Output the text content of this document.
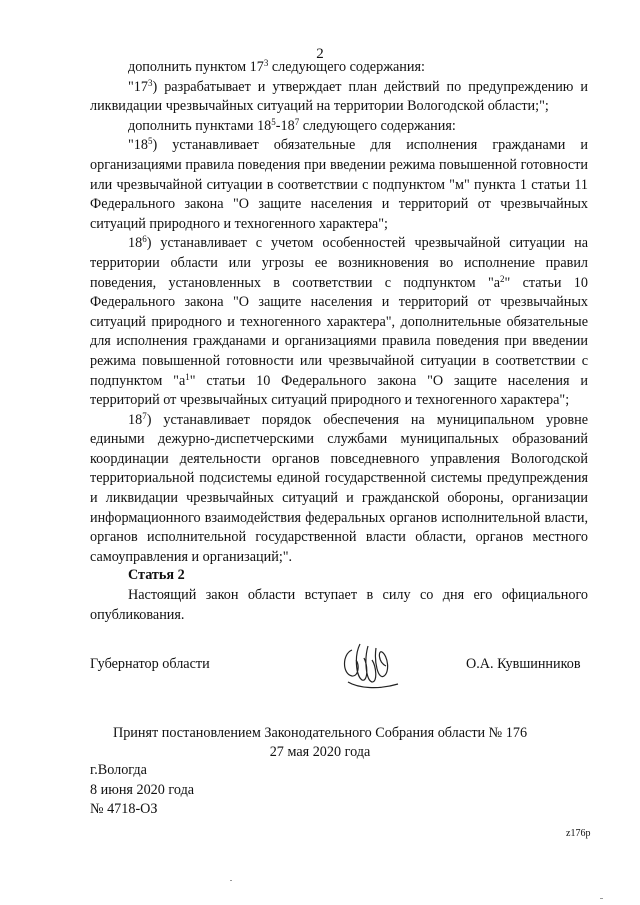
2

дополнить пунктом $17^3$ следующего содержания:

"$17^3$) разрабатывает и утверждает план действий по предупреждению и ликвидации чрезвычайных ситуаций на территории Вологодской области;";

дополнить пунктами $18^5-18^7$ следующего содержания:

"$18^5$) устанавливает обязательные для исполнения гражданами и организациями правила поведения при введении режима повышенной готовности или чрезвычайной ситуации в соответствии с подпунктом "м" пункта 1 статьи 11 Федерального закона "О защите населения и территорий от чрезвычайных ситуаций природного и техногенного характера";

$18^6$) устанавливает с учетом особенностей чрезвычайной ситуации на территории области или угрозы ее возникновения во исполнение правил поведения, установленных в соответствии с подпунктом "$а^2$" статьи 10 Федерального закона "О защите населения и территорий от чрезвычайных ситуаций природного и техногенного характера", дополнительные обязательные для исполнения гражданами и организациями правила поведения при введении режима повышенной готовности или чрезвычайной ситуации в соответствии с подпунктом "$а^1$" статьи 10 Федерального закона "О защите населения и территорий от чрезвычайных ситуаций природного и техногенного характера";

$18^7$) устанавливает порядок обеспечения на муниципальном уровне едиными дежурно-диспетчерскими службами муниципальных образований координации деятельности органов повседневного управления Вологодской территориальной подсистемы единой государственной системы предупреждения и ликвидации чрезвычайных ситуаций и гражданской обороны, организации информационного взаимодействия федеральных органов исполнительной власти, органов исполнительной государственной власти области, органов местного самоуправления и организаций;".

Статья 2
Настоящий закон области вступает в силу со дня его официального опубликования.
Губернатор области	О.А. Кувшинников
Принят постановлением Законодательного Собрания области № 176
27 мая 2020 года
г.Вологда
8 июня 2020 года
№ 4718-ОЗ
z176p
